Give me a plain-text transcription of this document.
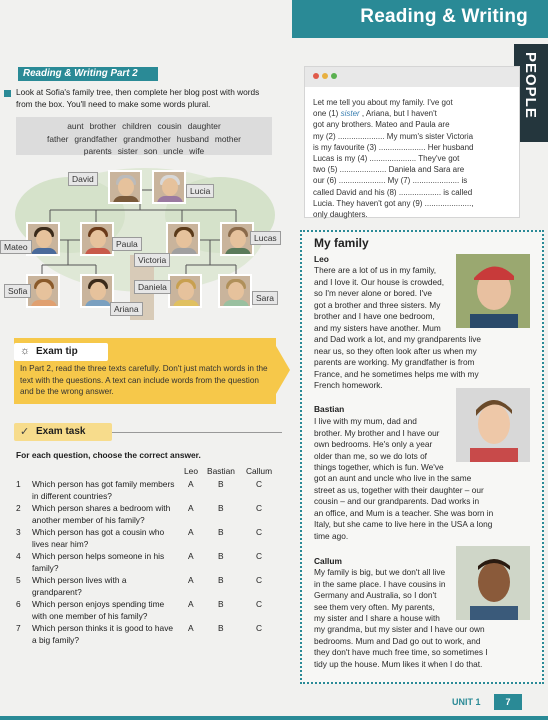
Reading & Writing
PEOPLE
Reading & Writing Part 2
Look at Sofia's family tree, then complete her blog post with words from the box. You'll need to make some words plural.
aunt brother children cousin daughter
father grandfather grandmother husband mother
parents sister son uncle wife
David
Lucia
Mateo	Paula
Victoria
Lucas
Sofia	Daniela
Sara
Ariana
☼ Exam tip
In Part 2, read the three texts carefully. Don't just match words in the text with the questions. A text can include words from the question and be the wrong answer.
✓ Exam task
For each question, choose the correct answer.
Leo Bastian Callum
1 Which person has got family members in different countries?
A	B	C
2 Which person shares a bedroom with another member of his family?
A	B	C
3 Which person has got a cousin who lives near him?
A	B	C
4 Which person helps someone in his family?
A	B	C
5 Which person lives with a grandparent?
A	B	C
6 Which person enjoys spending time with one member of his family?
A	B	C
7 Which person thinks it is good to have a big family?
A	B	C
Let me tell you about my family. I've got
one (1) sister , Ariana, but I haven't
got any brothers. Mateo and Paula are
my (2) ..................... My mum's sister Victoria
is my favourite (3) ..................... Her husband
Lucas is my (4) ..................... They've got
two (5) ..................... Daniela and Sara are
our (6) ..................... My (7) ..................... is
called David and his (8) ................... is called
Lucia. They haven't got any (9) .....................,
only daughters.
My family
Leo
There are a lot of us in my family,
and I love it. Our house is crowded,
so I'm never alone or bored. I've
got a brother and three sisters. My
brother and I have one bedroom,
and my sisters have another. Mum
and Dad work a lot, and my grandparents live
near us, so they often look after us when my
parents are working. My grandfather is from
France, and he sometimes helps me with my
French homework.
Bastian
I live with my mum, dad and
brother. My brother and I have our
own bedrooms. He's only a year
older than me, so we do lots of
things together, which is fun. We've
got an aunt and uncle who live in the same
street as us, together with their daughter – our
cousin – and our grandparents. Dad works in
an office, and Mum is a teacher. She was born in
Italy, but she came to live here in the USA a long
time ago.
Callum
My family is big, but we don't all live
in the same place. I have cousins in
Germany and Australia, so I don't
see them very often. My parents,
my sister and I share a house with
my grandma, but my sister and I have our own
bedrooms. Mum and Dad go out to work, and
they don't have much free time, so sometimes I
tidy up the house. Mum likes it when I do that.
UNIT 1	7
